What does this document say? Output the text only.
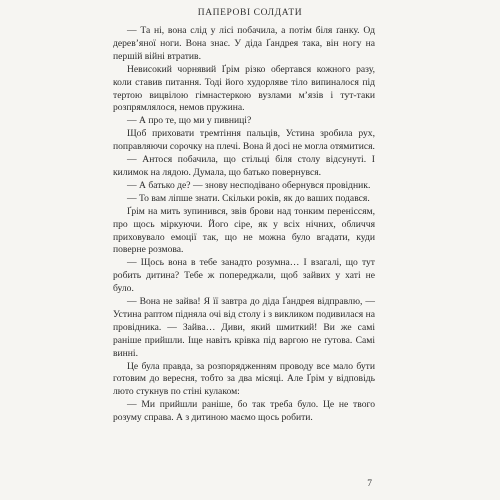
ПАПЕРОВІ СОЛДАТИ

— Та ні, вона слід у лісі побачила, а потім біля ґанку. Од дерев’яної ноги. Вона знає. У діда Ґандрея така, він ногу на першій війні втратив.

Невисокий чорнявий Ґрім різко обертався кожного разу, коли ставив питання. Тоді його худорляве тіло випиналося під тертою вицвілою гімнастеркою вузлами м’язів і тут-таки розпрямлялося, немов пружина.

— А про те, що ми у пивниці?

Щоб приховати тремтіння пальців, Устина зробила рух, поправляючи сорочку на плечі. Вона й досі не могла отямитися.

— Антося побачила, що стільці біля столу відсунуті. І килимок на лядою. Думала, що батько повернувся.

— А батько де? — знову несподівано обернувся провідник.

— То вам ліпше знати. Скільки років, як до ваших подався.

Ґрім на мить зупинився, звів брови над тонким переніссям, про щось міркуючи. Його сіре, як у всіх нічних, обличчя приховувало емоції так, що не можна було вгадати, куди поверне розмова.

— Щось вона в тебе занадто розумна… І взагалі, що тут робить дитина? Тебе ж попереджали, щоб зайвих у хаті не було.

— Вона не зайва! Я її завтра до діда Ґандрея відправлю, — Устина раптом підняла очі від столу і з викликом подивилася на провідника. — Зайва… Диви, який шмиткий! Ви же самі раніше прийшли. Іще навіть крівка під варгою не ґутова. Самі винні.

Це була правда, за розпорядженням проводу все мало бути готовим до вересня, тобто за два місяці. Але Ґрім у відповідь люто стукнув по стіні кулаком:

— Ми прийшли раніше, бо так треба було. Це не твого розуму справа. А з дитиною маємо щось робити.

7
